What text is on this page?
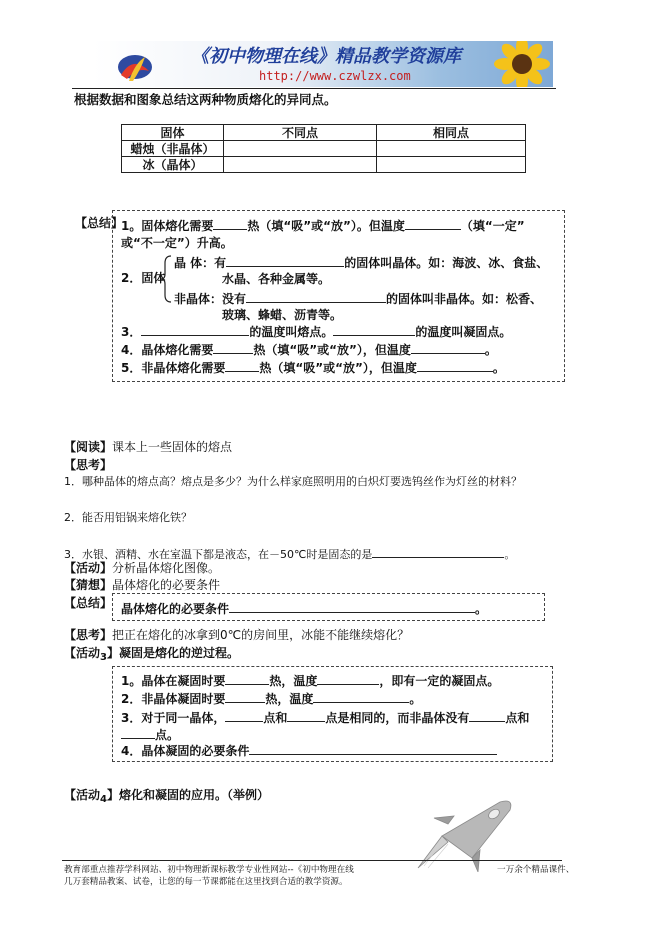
《初中物理在线》精品教学资源库
http://www.czwlzx.com
根据数据和图象总结这两种物质熔化的异同点。
固体	不同点	相同点
蜡烛（非晶体）		
冰（晶体）		
【总结】
1。固体熔化需要	热（填“吸”或“放”）。但温度	（填“一定”
或“不一定”）升高。
2．固体
晶 体：有	的固体叫晶体。如：海波、冰、食盐、
水晶、各种金属等。
非晶体：没有	的固体叫非晶体。如：松香、
玻璃、蜂蜡、沥青等。
3．	的温度叫熔点。	的温度叫凝固点。
4．晶体熔化需要	热（填“吸”或“放”），但温度	。
5．非晶体熔化需要	热（填“吸”或“放”），但温度	。
【阅读】课本上一些固体的熔点
【思考】
1．哪种晶体的熔点高？熔点是多少？为什么样家庭照明用的白炽灯要选钨丝作为灯丝的材料？
2．能否用铝锅来熔化铁？
3．水银、酒精、水在室温下都是液态，在－50℃时是固态的是	。
【活动】分析晶体熔化图像。
【猜想】晶体熔化的必要条件
【总结】 晶体熔化的必要条件	。
【思考】把正在熔化的冰拿到0℃的房间里，冰能不能继续熔化？
【活动$_3$】凝固是熔化的逆过程。
1。晶体在凝固时要	热，温度	，即有一定的凝固点。
2．非晶体凝固时要	热，温度	。
3．对于同一晶体，	点和	点是相同的，而非晶体没有	点和
点。
4．晶体凝固的必要条件
【活动$_4$】熔化和凝固的应用。（举例）
教育部重点推荐学科网站、初中物理新课标教学专业性网站--《初中物理在线	一万余个精品课件、
几万套精品教案、试卷，让您的每一节课都能在这里找到合适的教学资源。
